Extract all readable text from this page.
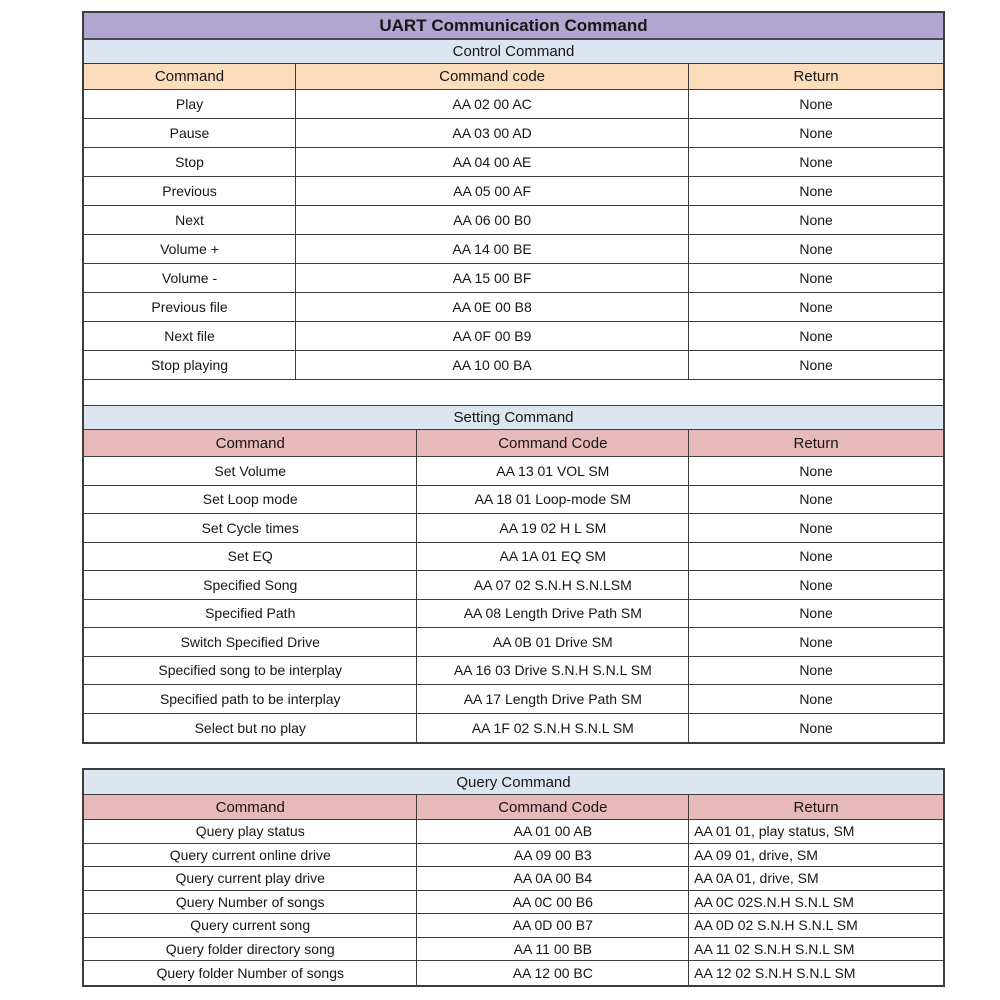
UART Communication Command
Control Command
Command	Command code	Return
Play	AA 02 00 AC	None
Pause	AA 03 00 AD	None
Stop	AA 04 00 AE	None
Previous	AA 05 00 AF	None
Next	AA 06 00 B0	None
Volume +	AA 14 00 BE	None
Volume -	AA 15 00 BF	None
Previous file	AA 0E 00 B8	None
Next file	AA 0F 00 B9	None
Stop playing	AA 10 00 BA	None
Setting Command
Command	Command Code	Return
Set Volume	AA 13 01 VOL SM	None
Set Loop mode	AA 18 01 Loop-mode SM	None
Set Cycle times	AA 19 02 H L SM	None
Set EQ	AA 1A 01 EQ SM	None
Specified Song	AA 07 02 S.N.H S.N.LSM	None
Specified Path	AA 08 Length Drive Path SM	None
Switch Specified Drive	AA 0B 01 Drive SM	None
Specified song to be interplay	AA 16 03 Drive S.N.H S.N.L SM	None
Specified path to be interplay	AA 17 Length Drive Path SM	None
Select but no play	AA 1F 02 S.N.H S.N.L SM	None
Query Command
Command	Command Code	Return
Query play status	AA 01 00 AB	AA 01 01, play status, SM
Query current online drive	AA 09 00 B3	AA 09 01, drive, SM
Query current play drive	AA 0A 00 B4	AA 0A 01, drive, SM
Query Number of songs	AA 0C 00 B6	AA 0C 02S.N.H S.N.L SM
Query current song	AA 0D 00 B7	AA 0D 02 S.N.H S.N.L SM
Query folder directory song	AA 11 00 BB	AA 11 02 S.N.H S.N.L SM
Query folder Number of songs	AA 12 00 BC	AA 12 02 S.N.H S.N.L SM
